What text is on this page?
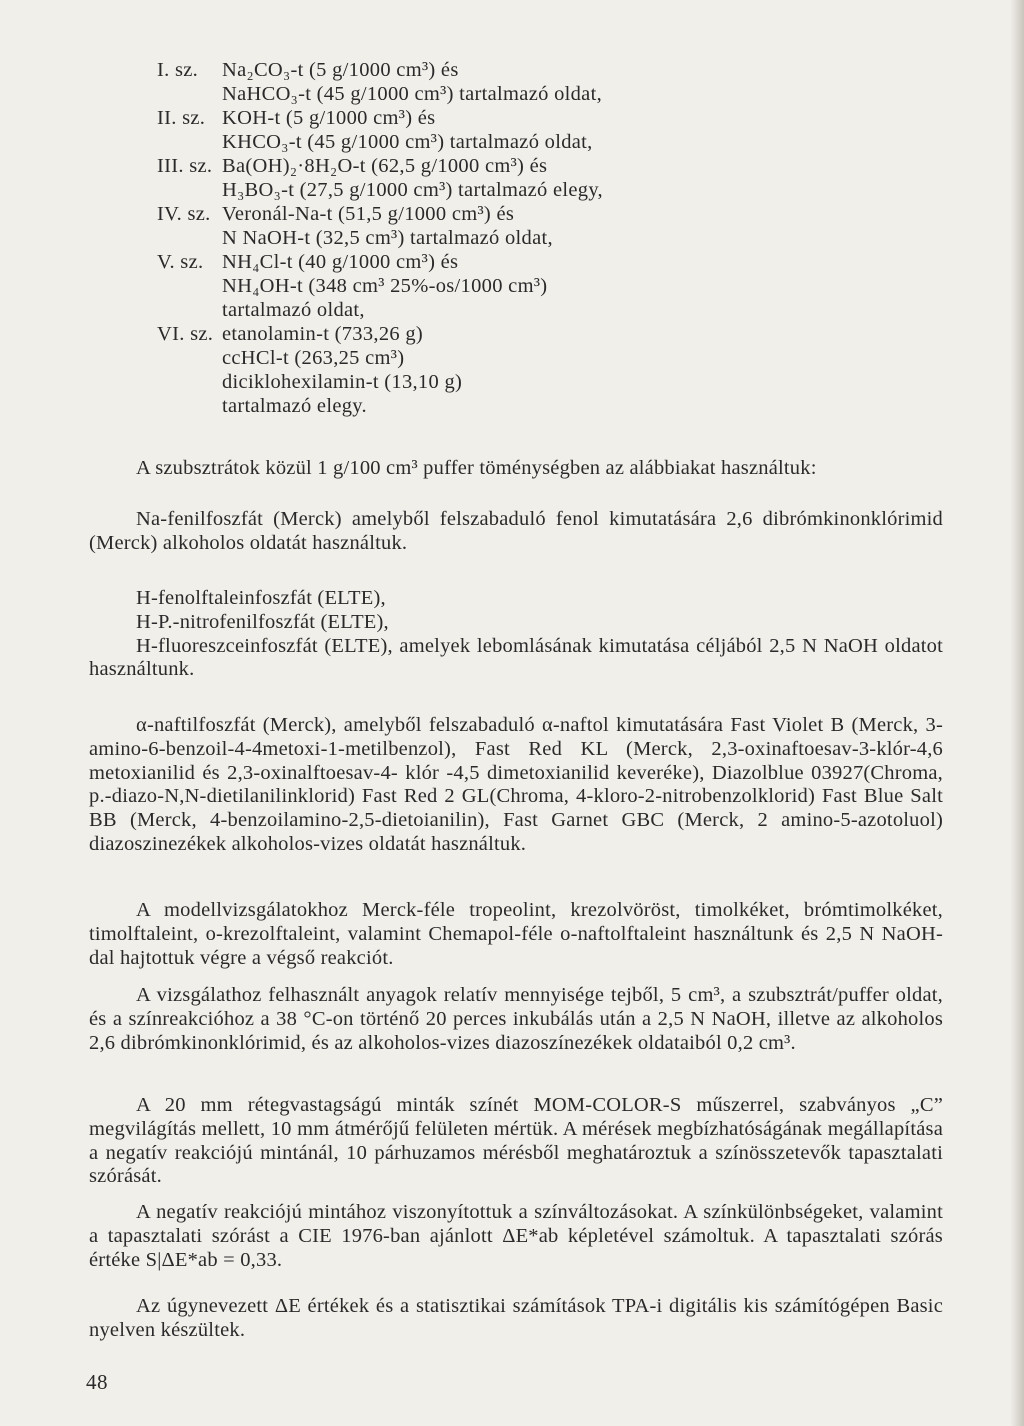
I. sz.	Na₂CO₃-t (5 g/1000 cm³) és
NaHCO₃-t (45 g/1000 cm³) tartalmazó oldat,
II. sz. KOH-t (5 g/1000 cm³) és
KHCO₃-t (45 g/1000 cm³) tartalmazó oldat,
III. sz. Ba(OH)₂·8H₂O-t (62,5 g/1000 cm³) és
H₃BO₃-t (27,5 g/1000 cm³) tartalmazó elegy,
IV. sz. Veronál-Na-t (51,5 g/1000 cm³) és
N NaOH-t (32,5 cm³) tartalmazó oldat,
V. sz. NH₄Cl-t (40 g/1000 cm³) és
NH₄OH-t (348 cm³ 25%-os/1000 cm³)
tartalmazó oldat,
VI. sz. etanolamin-t (733,26 g)
ccHCl-t (263,25 cm³)
diciklohexilamin-t (13,10 g)
tartalmazó elegy.

A szubsztrátok közül 1 g/100 cm³ puffer töménységben az alábbiakat használtuk:

Na-fenilfoszfát (Merck) amelyből felszabaduló fenol kimutatására 2,6 dibrómkinonklórimid (Merck) alkoholos oldatát használtuk.

H-fenolftaleinfoszfát (ELTE),

H-P.-nitrofenilfoszfát (ELTE),

H-fluoreszceinfoszfát (ELTE), amelyek lebomlásának kimutatása céljából 2,5 N NaOH oldatot használtunk.

α-naftilfoszfát (Merck), amelyből felszabaduló α-naftol kimutatására Fast Violet B (Merck, 3-amino-6-benzoil-4-4metoxi-1-metilbenzol), Fast Red KL (Merck, 2,3-oxinaftoesav-3-klór-4,6 metoxianilid és 2,3-oxinalftoesav-4- klór -4,5 dimetoxianilid keveréke), Diazolblue 03927(Chroma, p.-diazo-N,N-dietilanilinklorid) Fast Red 2 GL(Chroma, 4-kloro-2-nitrobenzolklorid) Fast Blue Salt BB (Merck, 4-benzoilamino-2,5-dietoianilin), Fast Garnet GBC (Merck, 2 amino-5-azotoluol) diazoszinezékek alkoholos-vizes oldatát használtuk.

A modellvizsgálatokhoz Merck-féle tropeolint, krezolvöröst, timolkéket, brómtimolkéket, timolftaleint, o-krezolftaleint, valamint Chemapol-féle o-naftolftaleint használtunk és 2,5 N NaOH-dal hajtottuk végre a végső reakciót.

A vizsgálathoz felhasznált anyagok relatív mennyisége tejből, 5 cm³, a szubsztrát/puffer oldat, és a színreakcióhoz a 38 °C-on történő 20 perces inkubálás után a 2,5 N NaOH, illetve az alkoholos 2,6 dibrómkinonklórimid, és az alkoholos-vizes diazoszínezékek oldataiból 0,2 cm³.

A 20 mm rétegvastagságú minták színét MOM-COLOR-S műszerrel, szabványos „C” megvilágítás mellett, 10 mm átmérőjű felületen mértük. A mérések megbízhatóságának megállapítása a negatív reakciójú mintánál, 10 párhuzamos mérésből meghatároztuk a színösszetevők tapasztalati szórását.

A negatív reakciójú mintához viszonyítottuk a színváltozásokat. A színkülönbségeket, valamint a tapasztalati szórást a CIE 1976-ban ajánlott ΔE*ab képletével számoltuk. A tapasztalati szórás értéke S|ΔE*ab = 0,33.

Az úgynevezett ΔE értékek és a statisztikai számítások TPA-i digitális kis számítógépen Basic nyelven készültek.

48
